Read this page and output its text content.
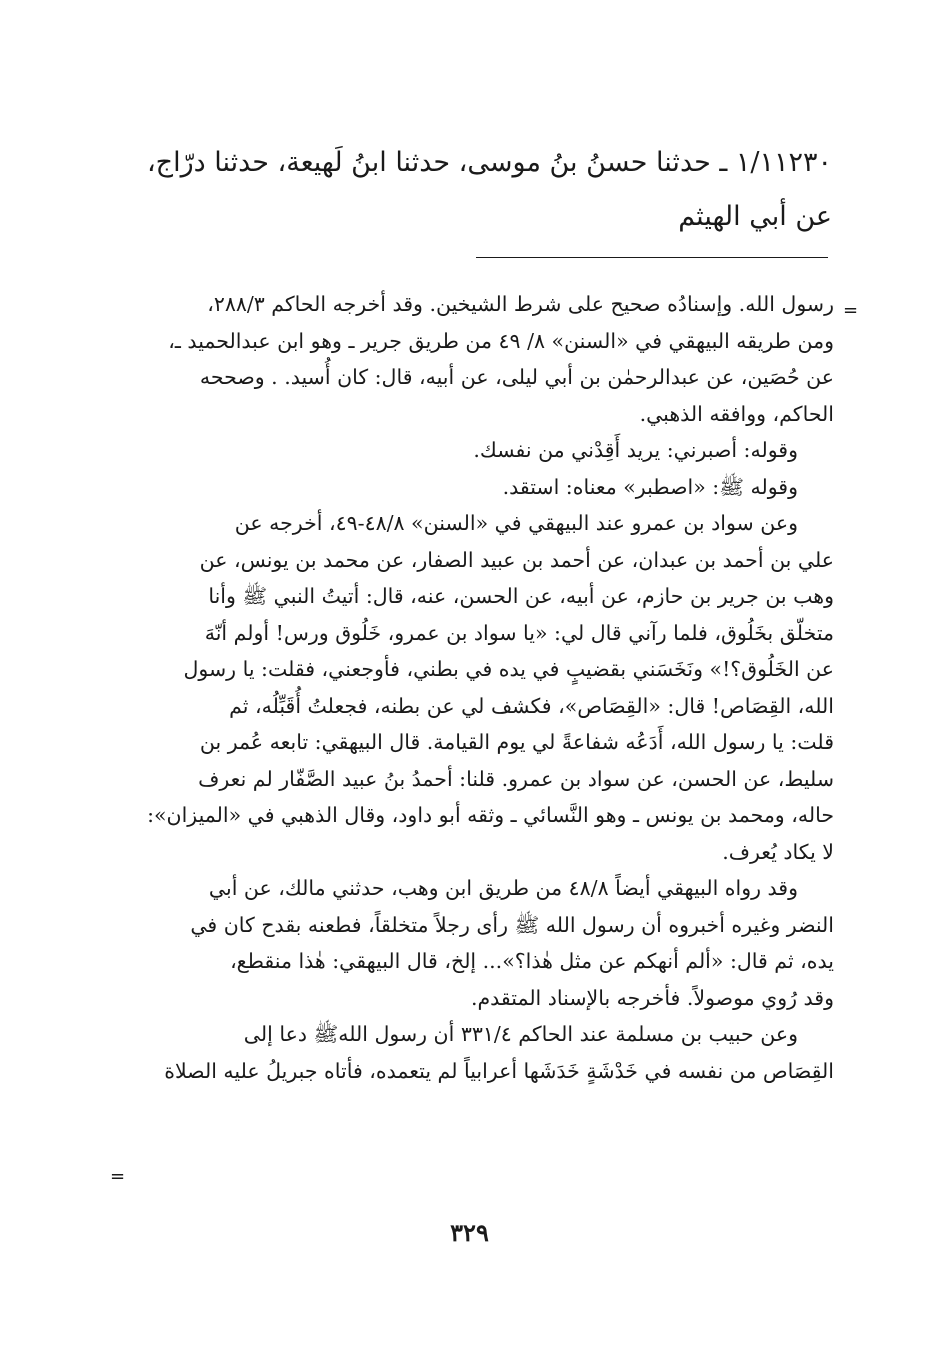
١/١١٢٣٠ ـ حدثنا حسنُ بنُ موسى، حدثنا ابنُ لَهيعة، حدثنا درّاج،
عن أبي الهيثم
=
رسول الله. وإسنادُه صحيح على شرط الشيخين. وقد أخرجه الحاكم ٢٨٨/٣،
ومن طريقه البيهقي في «السنن» ٨/ ٤٩ من طريق جرير ـ وهو ابن عبدالحميد ـ،
عن حُصَين، عن عبدالرحمٰن بن أبي ليلى، عن أبيه، قال: كان أُسيد. . وصححه
الحاكم، ووافقه الذهبي.
وقوله: أصبرني: يريد أَقِدْني من نفسك.
وقوله ﷺ: «اصطبر» معناه: استقد.
وعن سواد بن عمرو عند البيهقي في «السنن» ٤٨/٨-٤٩، أخرجه عن
علي بن أحمد بن عبدان، عن أحمد بن عبيد الصفار، عن محمد بن يونس، عن
وهب بن جرير بن حازم، عن أبيه، عن الحسن، عنه، قال: أتيتُ النبي ﷺ وأنا
متخلّق بخَلُوق، فلما رآني قال لي: «يا سواد بن عمرو، خَلُوق ورس! أولم أنّهَ
عن الخَلُوق؟!» ونَخَسَني بقضيبٍ في يده في بطني، فأوجعني، فقلت: يا رسول
الله، القِصَاص! قال: «القِصَاص»، فكشف لي عن بطنه، فجعلتُ أُقَبِّلُه، ثم
قلت: يا رسول الله، أَدَعُه شفاعةً لي يوم القيامة. قال البيهقي: تابعه عُمر بن
سليط، عن الحسن، عن سواد بن عمرو. قلنا: أحمدُ بنُ عبيد الصَّفّار لم نعرف
حاله، ومحمد بن يونس ـ وهو النَّسائي ـ وثقه أبو داود، وقال الذهبي في «الميزان»:
لا يكاد يُعرف.
وقد رواه البيهقي أيضاً ٤٨/٨ من طريق ابن وهب، حدثني مالك، عن أبي
النضر وغيره أخبروه أن رسول الله ﷺ رأى رجلاً متخلقاً، فطعنه بقدح كان في
يده، ثم قال: «ألم أنهكم عن مثل هٰذا؟»... إلخ، قال البيهقي: هٰذا منقطع،
وقد رُوي موصولاً. فأخرجه بالإسناد المتقدم.
وعن حبيب بن مسلمة عند الحاكم ٣٣١/٤ أن رسول اللهﷺ دعا إلى
القِصَاص من نفسه في خَدْشَةٍ خَدَشَها أعرابياً لم يتعمده، فأتاه جبريلُ عليه الصلاة
=
٣٢٩
